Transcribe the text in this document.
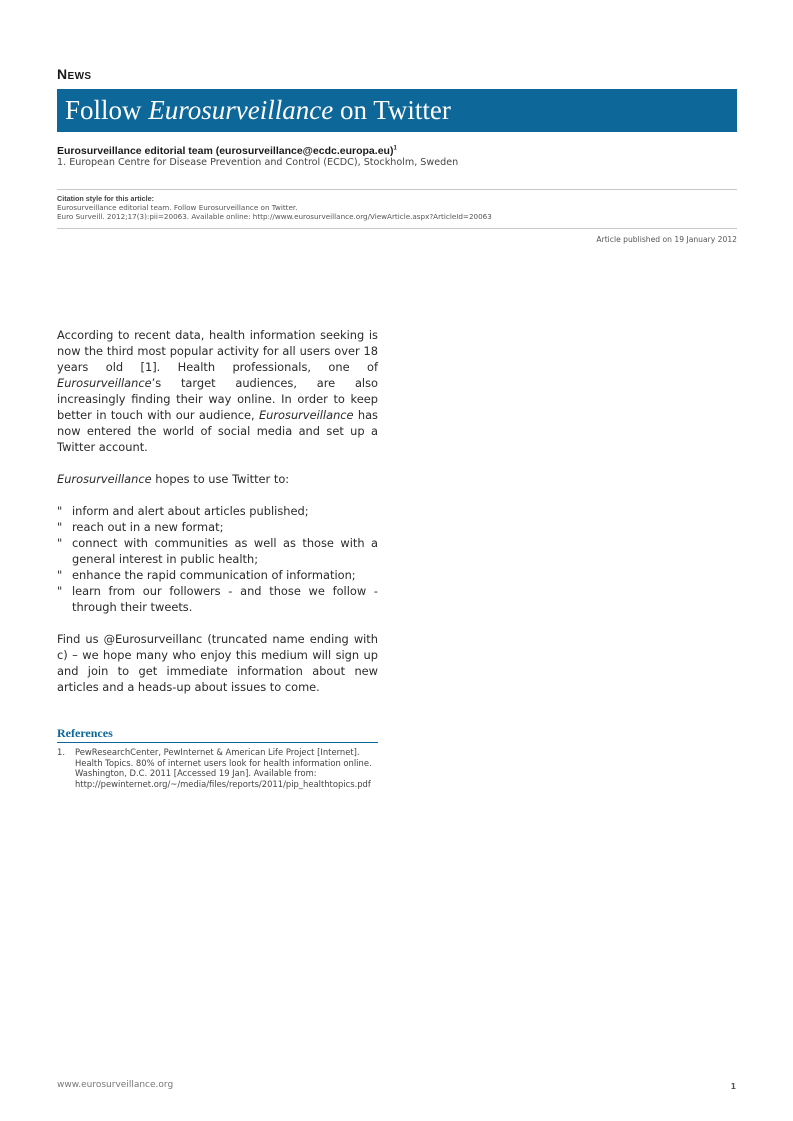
News
Follow Eurosurveillance on Twitter
Eurosurveillance editorial team (eurosurveillance@ecdc.europa.eu)$^1$
1. European Centre for Disease Prevention and Control (ECDC), Stockholm, Sweden
Citation style for this article:
Eurosurveillance editorial team. Follow Eurosurveillance on Twitter.
Euro Surveill. 2012;17(3):pii=20063. Available online: http://www.eurosurveillance.org/ViewArticle.aspx?ArticleId=20063
Article published on 19 January 2012

According to recent data, health information seeking is now the third most popular activity for all users over 18 years old [1]. Health professionals, one of Eurosurveillance’s target audiences, are also increasingly finding their way online. In order to keep better in touch with our audience, Eurosurveillance has now entered the world of social media and set up a Twitter account.

Eurosurveillance hopes to use Twitter to:

" inform and alert about articles published;
" reach out in a new format;
" connect with communities as well as those with a general interest in public health;
" enhance the rapid communication of information;
" learn from our followers - and those we follow - through their tweets.

Find us @Eurosurveillanc (truncated name ending with c) – we hope many who enjoy this medium will sign up and join to get immediate information about new articles and a heads-up about issues to come.

References
1. PewResearchCenter, PewInternet & American Life Project [Internet]. Health Topics. 80% of internet users look for health information online. Washington, D.C. 2011 [Accessed 19 Jan]. Available from: http://pewinternet.org/~/media/files/reports/2011/pip_healthtopics.pdf
www.eurosurveillance.org	1
